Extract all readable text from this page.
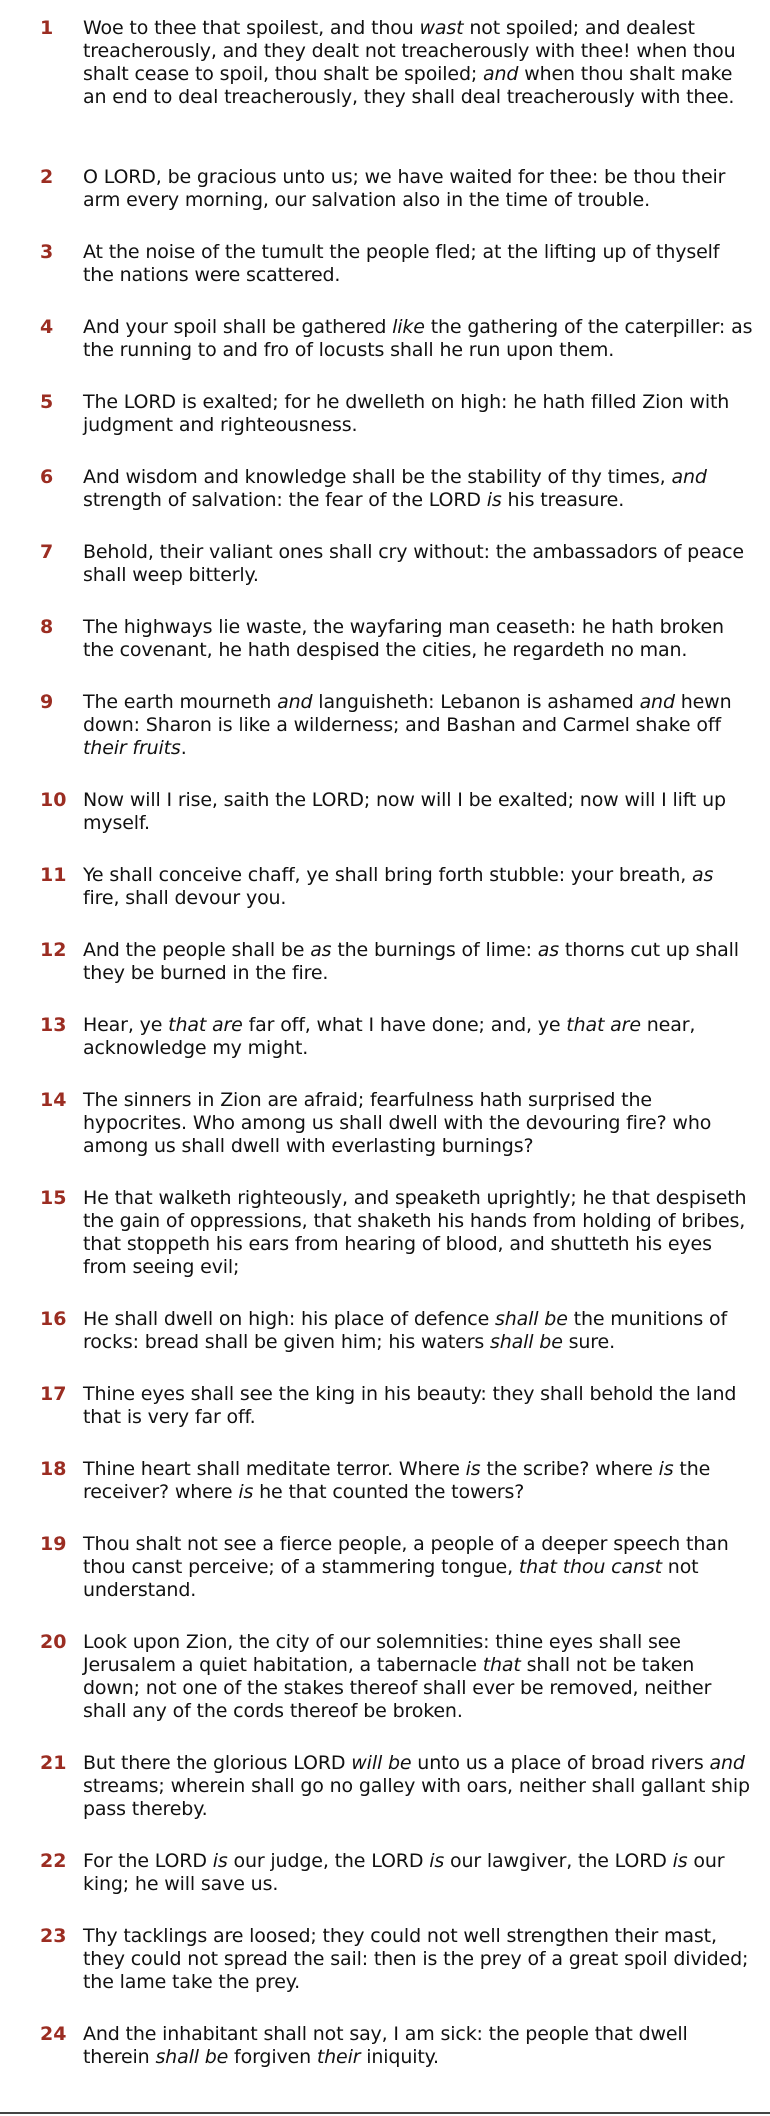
1 Woe to thee that spoilest, and thou wast not spoiled; and dealest treacherously, and they dealt not treacherously with thee! when thou shalt cease to spoil, thou shalt be spoiled; and when thou shalt make an end to deal treacherously, they shall deal treacherously with thee.
2 O LORD, be gracious unto us; we have waited for thee: be thou their arm every morning, our salvation also in the time of trouble.
3 At the noise of the tumult the people fled; at the lifting up of thyself the nations were scattered.
4 And your spoil shall be gathered like the gathering of the caterpiller: as the running to and fro of locusts shall he run upon them.
5 The LORD is exalted; for he dwelleth on high: he hath filled Zion with judgment and righteousness.
6 And wisdom and knowledge shall be the stability of thy times, and strength of salvation: the fear of the LORD is his treasure.
7 Behold, their valiant ones shall cry without: the ambassadors of peace shall weep bitterly.
8 The highways lie waste, the wayfaring man ceaseth: he hath broken the covenant, he hath despised the cities, he regardeth no man.
9 The earth mourneth and languisheth: Lebanon is ashamed and hewn down: Sharon is like a wilderness; and Bashan and Carmel shake off their fruits.
10 Now will I rise, saith the LORD; now will I be exalted; now will I lift up myself.
11 Ye shall conceive chaff, ye shall bring forth stubble: your breath, as fire, shall devour you.
12 And the people shall be as the burnings of lime: as thorns cut up shall they be burned in the fire.
13 Hear, ye that are far off, what I have done; and, ye that are near, acknowledge my might.
14 The sinners in Zion are afraid; fearfulness hath surprised the hypocrites. Who among us shall dwell with the devouring fire? who among us shall dwell with everlasting burnings?
15 He that walketh righteously, and speaketh uprightly; he that despiseth the gain of oppressions, that shaketh his hands from holding of bribes, that stoppeth his ears from hearing of blood, and shutteth his eyes from seeing evil;
16 He shall dwell on high: his place of defence shall be the munitions of rocks: bread shall be given him; his waters shall be sure.
17 Thine eyes shall see the king in his beauty: they shall behold the land that is very far off.
18 Thine heart shall meditate terror. Where is the scribe? where is the receiver? where is he that counted the towers?
19 Thou shalt not see a fierce people, a people of a deeper speech than thou canst perceive; of a stammering tongue, that thou canst not understand.
20 Look upon Zion, the city of our solemnities: thine eyes shall see Jerusalem a quiet habitation, a tabernacle that shall not be taken down; not one of the stakes thereof shall ever be removed, neither shall any of the cords thereof be broken.
21 But there the glorious LORD will be unto us a place of broad rivers and streams; wherein shall go no galley with oars, neither shall gallant ship pass thereby.
22 For the LORD is our judge, the LORD is our lawgiver, the LORD is our king; he will save us.
23 Thy tacklings are loosed; they could not well strengthen their mast, they could not spread the sail: then is the prey of a great spoil divided; the lame take the prey.
24 And the inhabitant shall not say, I am sick: the people that dwell therein shall be forgiven their iniquity.
